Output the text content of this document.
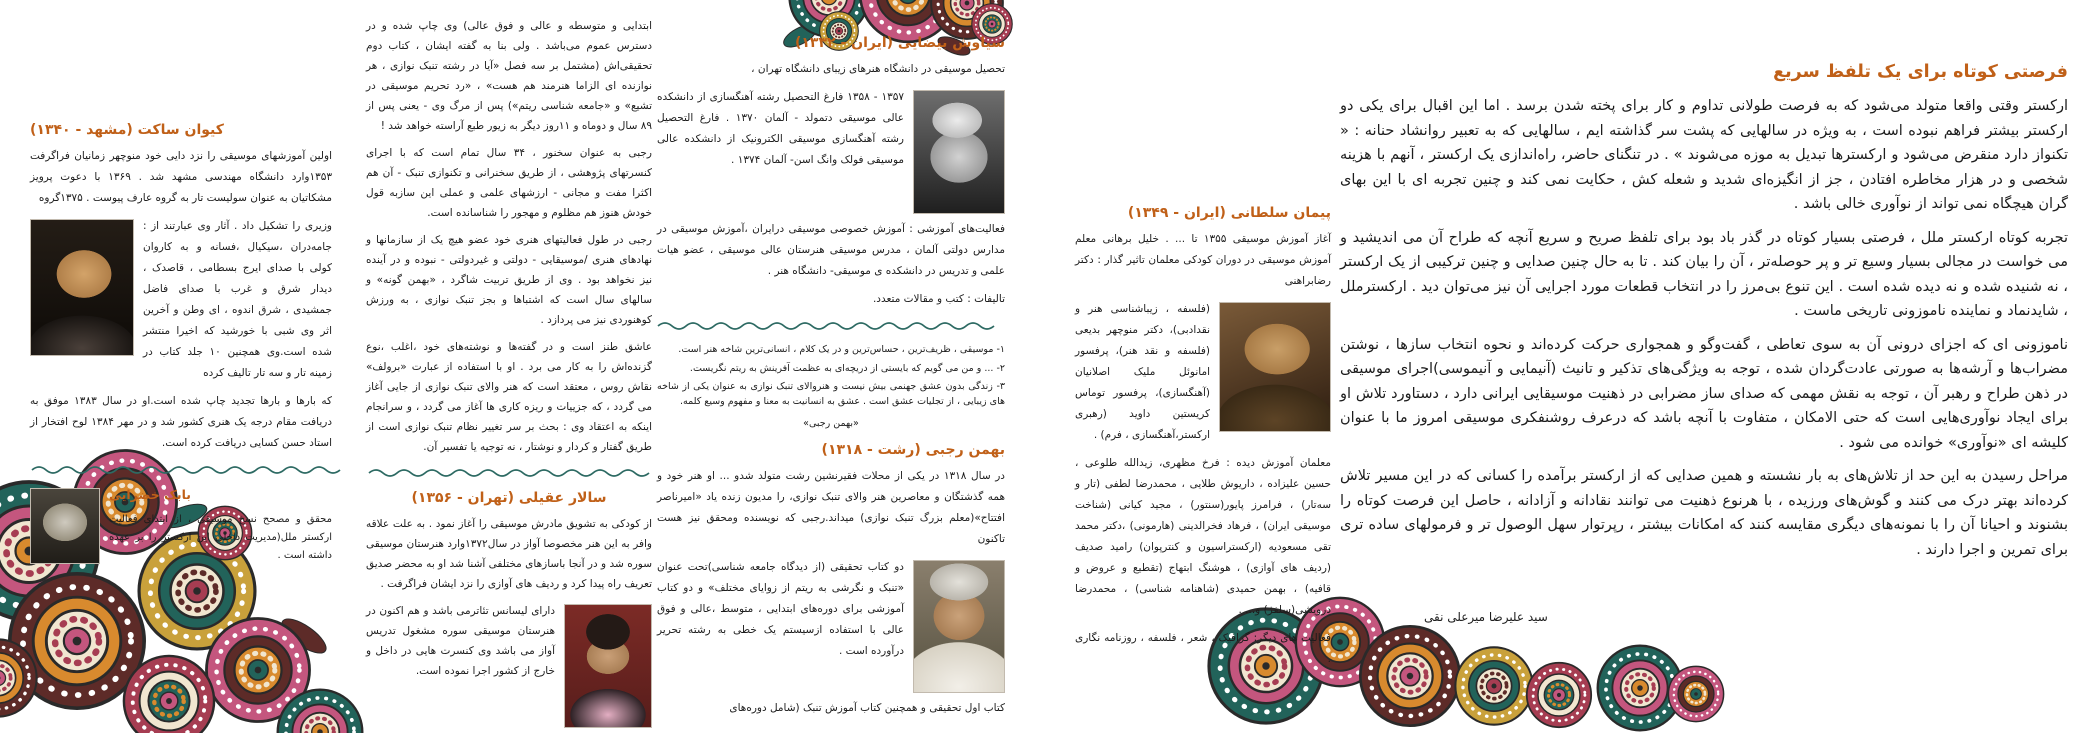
فرصتی کوتاه برای یک تلفظ سریع

ارکستر وقتی واقعا متولد می‌شود که به فرصت طولانی تداوم و کار برای پخته شدن برسد . اما این اقبال برای یکی دو ارکستر بیشتر فراهم نبوده است ، به ویژه در سالهایی که پشت سر گذاشته ایم ، سالهایی که به تعبیر روانشاد حنانه : « تکنواز دارد منقرض می‌شود و ارکسترها تبدیل به موزه می‌شوند » . در تنگنای حاضر، راه‌اندازی یک ارکستر ، آنهم با هزینه شخصی و در هزار مخاطره افتادن ، جز از انگیزه‌ای شدید و شعله کش ، حکایت نمی کند و چنین تجربه ای با این بهای گران هیچگاه نمی تواند از نوآوری خالی باشد .

تجربه کوتاه ارکستر ملل ، فرصتی بسیار کوتاه در گذر باد بود برای تلفظ صریح و سریع آنچه که طراح آن می اندیشید و می خواست در مجالی بسیار وسیع تر و پر حوصله‌تر ، آن را بیان کند . تا به حال چنین صدایی و چنین ترکیبی از یک ارکستر ، نه شنیده شده و نه دیده شده است . این تنوع بی‌مرز را در انتخاب قطعات مورد اجرایی آن نیز می‌توان دید . ارکسترملل ، شایدنماد و نماینده ناموزونی تاریخی ماست .

ناموزونی ای که اجزای درونی آن به سوی تعاطی ، گفت‌وگو و همجواری حرکت کرده‌اند و نحوه انتخاب سازها ، نوشتن مضراب‌ها و آرشه‌ها به صورتی عادت‌گردان شده ، توجه به ویژگی‌های تذکیر و تانیث (آنیمایی و آنیموسی)اجرای موسیقی در ذهن طراح و رهبر آن ، توجه به نقش مهمی که صدای ساز مضرابی در ذهنیت موسیقایی ایرانی دارد ، دستاورد تلاش او برای ایجاد نوآوری‌هایی است که حتی الامکان ، متفاوت با آنچه باشد که درعرف روشنفکری موسیقی امروز ما با عنوان کلیشه ای «نوآوری» خوانده می شود .

مراحل رسیدن به این حد از تلاش‌های به بار نشسته و همین صدایی که از ارکستر برآمده را کسانی که در این مسیر تلاش کرده‌اند بهتر درک می کنند و گوش‌های ورزیده ، با هرنوع ذهنیت می توانند نقادانه و آزادانه ، حاصل این فرصت کوتاه را بشنوند و احیانا آن را با نمونه‌های دیگری مقایسه کنند که امکانات بیشتر ، رپرتوار سهل الوصول تر و فرمولهای ساده تری برای تمرین و اجرا دارند .

سید علیرضا میرعلی نقی
پیمان سلطانی (ایران - ۱۳۴۹)

آغاز آموزش موسیقی ۱۳۵۵ تا ... . خلیل برهانی معلم آموزش موسیقی در دوران کودکی معلمان تاثیر گذار : دکتر رضابراهنی

(فلسفه ، زیباشناسی هنر و نقدادبی)، دکتر منوچهر بدیعی (فلسفه و نقد هنر)، پرفسور امانوئل ملیک اصلانیان (آهنگسازی)، پرفسور توماس کریستین داوید (رهبری ارکستر،آهنگسازی ، فرم) .

معلمان آموزش دیده : فرخ مظهری، زیدالله طلوعی ، حسین علیزاده ، داریوش طلایی ، محمدرضا لطفی (تار و سه‌تار) ، فرامرز پایور(سنتور) ، مجید کیانی (شناخت موسیقی ایران) ، فرهاد فخرالدینی (هارمونی) ،دکتر محمد تقی مسعودیه (ارکستراسیون و کنترپوان) رامید صدیف (ردیف های آوازی) ، هوشنگ ابتهاج (تقطیع و عروض و قافیه) ، بهمن حمیدی (شاهنامه شناسی) ، محمدرضا درویشی(سلفژ) و... .

فعالیت های دیگر: گرافیک ، شعر ، فلسفه ، روزنامه نگاری .

سیاوش بیضایی (ایران - ۱۳۳۲)

تحصیل موسیقی در دانشگاه هنرهای زیبای دانشگاه تهران ،

۱۳۵۷ - ۱۳۵۸ فارغ التحصیل رشته آهنگسازی از دانشکده عالی موسیقی دتمولد - آلمان ۱۳۷۰ . فارغ التحصیل رشته آهنگسازی موسیقی الکترونیک از دانشکده عالی موسیقی فولک وانگ اسن- آلمان ۱۳۷۴ .

فعالیت‌های آموزشی : آموزش خصوصی موسیقی درایران ،آموزش موسیقی در مدارس دولتی آلمان ، مدرس موسیقی هنرستان عالی موسیقی ، عضو هیات علمی و تدریس در دانشکده ی موسیقی- دانشگاه هنر .

تالیفات : کتب و مقالات متعدد.

۱- موسیقی ، ظریف‌ترین ، حساس‌ترین و در یک کلام ، انسانی‌ترین شاخه هنر است.

۲- ... و من می گویم که بایستی از دریچه‌ای به عظمت آفرینش به ریتم نگریست.

۳- زندگی بدون عشق جهنمی بیش نیست و هنروالای تنبک نوازی به عنوان یکی از شاخه های زیبایی ، از تجلیات عشق است . عشق به انسانیت به معنا و مفهوم وسیع کلمه.

«بهمن رجبی»
بهمن رجبی (رشت - ۱۳۱۸)

در سال ۱۳۱۸ در یکی از محلات فقیرنشین رشت متولد شدو ... او هنر خود و همه گذشتگان و معاصرین هنر والای تنبک نوازی، را مدیون زنده یاد «امیرناصر افتتاح»(معلم بزرگ تنبک نوازی) میداند.رجبی که نویسنده ومحقق نیز هست تاکنون

دو کتاب تحقیقی (از دیدگاه جامعه شناسی)تحت عنوان «تنبک و نگرشی به ریتم از زوایای مختلف» و دو کتاب آموزشی برای دوره‌های ابتدایی ، متوسط ،عالی و فوق عالی با استفاده ازسیستم یک خطی به رشته تحریر درآورده است .

کتاب اول تحقیقی و همچنین کتاب آموزش تنبک (شامل دوره‌های

ابتدایی و متوسطه و عالی و فوق عالی) وی چاپ شده و در دسترس عموم می‌باشد . ولی بنا به گفته ایشان ، کتاب دوم تحقیقی‌اش (مشتمل بر سه فصل «آیا در رشته تنبک نوازی ، هر نوازنده ای الزاما هنرمند هم هست» ، «رد تحریم موسیقی در تشیع» و «جامعه شناسی ریتم») پس از مرگ وی - یعنی پس از ۸۹ سال و دوماه و ۱۱روز دیگر به زیور طبع آراسته خواهد شد !

رجبی به عنوان سخنور ، ۳۴ سال تمام است که با اجرای کنسرتهای پژوهشی ، از طریق سخنرانی و تکنوازی تنبک - آن هم اکثرا مفت و مجانی - ارزشهای علمی و عملی این سازبه قول خودش هنوز هم مظلوم و مهجور را شناسانده است.

رجبی در طول فعالیتهای هنری خود عضو هیچ یک از سازمانها و نهادهای هنری /موسیقایی - دولتی و غیردولتی - نبوده و در آینده نیز نخواهد بود . وی از طریق تربیت شاگرد ، «بهمن گونه» و سالهای سال است که اشتباها و بجز تنبک نوازی ، به ورزش کوهنوردی نیز می پردازد .

عاشق طنز است و در گفته‌ها و نوشته‌های خود ،اغلب ،نوع گزنده‌اش را به کار می برد . او با استفاده از عبارت «برولف» نقاش روس ، معتقد است که هنر والای تنبک نوازی از جایی آغاز می گردد ، که جزییات و ریزه کاری ها آغاز می گردد ، و سرانجام اینکه به اعتقاد وی : بحث بر سر تغییر نظام تنبک نوازی است از طریق گفتار و کردار و نوشتار ، نه توجیه یا تفسیر آن.

سالار عقیلی (تهران - ۱۳۵۶)

از کودکی به تشویق مادرش موسیقی را آغاز نمود . به علت علاقه وافر به این هنر مخصوصا آواز در سال۱۳۷۲وارد هنرستان موسیقی سوره شد و در آنجا باسازهای مختلفی آشنا شد او به محضر صدیق تعریف راه پیدا کرد و ردیف های آوازی را نزد ایشان فراگرفت .

دارای لیسانس تئاترمی باشد و هم اکنون در هنرستان موسیقی سوره مشغول تدریس آواز می باشد وی کنسرت هایی در داخل و خارج از کشور اجرا نموده است.

کیوان ساکت (مشهد - ۱۳۴۰)

اولین آموزشهای موسیقی را نزد دایی خود منوچهر زمانیان فراگرفت ۱۳۵۳وارد دانشگاه مهندسی مشهد شد . ۱۳۶۹ با دعوت پرویز مشکاتیان به عنوان سولیست تار به گروه عارف پیوست . ۱۳۷۵گروه

وزیری را تشکیل داد . آثار وی عبارتند از : جامه‌دران ،سیکیال ،فسانه و به کاروان کولی با صدای ایرج بسطامی ، قاصدک ، دیدار شرق و غرب با صدای فاضل جمشیدی ، شرق اندوه ، ای وطن و آخرین اثر وی شبی با خورشید که اخیرا منتشر شده است.وی همچنین ۱۰ جلد کتاب در زمینه تار و سه تار تالیف کرده

که بارها و بارها تجدید چاپ شده است.او در سال ۱۳۸۳ موفق به دریافت مقام درجه یک هنری کشور شد و در مهر ۱۳۸۴ لوح افتخار از استاد حسن کسایی دریافت کرده است.

بابک خضرایی

محقق و مصحح نسخ موسیقی ، از ابتدای فعالیت ارکستر ملل(مدیریت داخلی این ارکستر را بر عهده داشته است .
